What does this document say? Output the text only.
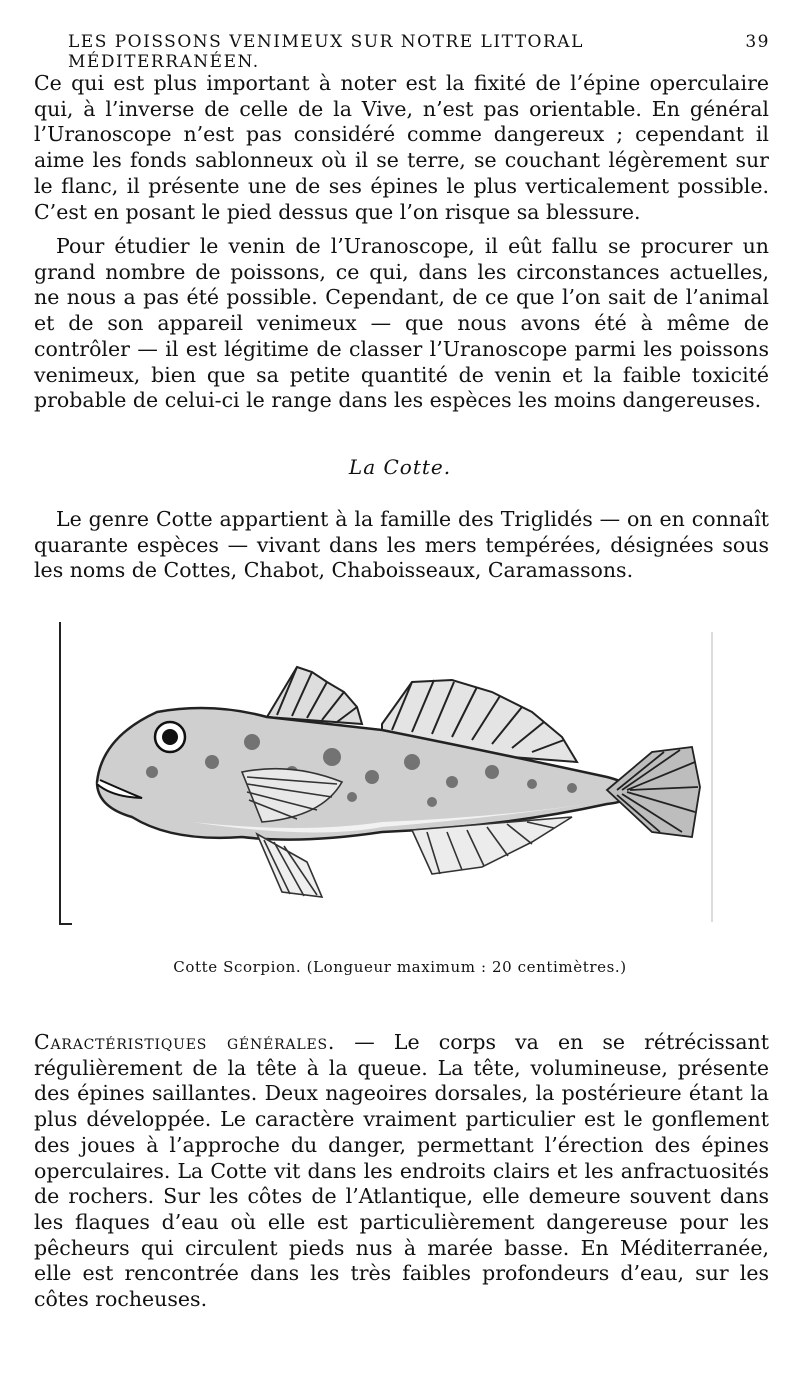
LES POISSONS VENIMEUX SUR NOTRE LITTORAL MÉDITERRANÉEN.
39

Ce qui est plus important à noter est la fixité de l’épine operculaire qui, à l’inverse de celle de la Vive, n’est pas orientable. En général l’Uranoscope n’est pas considéré comme dangereux ; cependant il aime les fonds sablonneux où il se terre, se couchant légèrement sur le flanc, il présente une de ses épines le plus verticalement possible. C’est en posant le pied dessus que l’on risque sa blessure.

Pour étudier le venin de l’Uranoscope, il eût fallu se procurer un grand nombre de poissons, ce qui, dans les circonstances actuelles, ne nous a pas été possible. Cependant, de ce que l’on sait de l’animal et de son appareil venimeux — que nous avons été à même de contrôler — il est légitime de classer l’Uranoscope parmi les poissons venimeux, bien que sa petite quantité de venin et la faible toxicité probable de celui-ci le range dans les espèces les moins dangereuses.

La Cotte.

Le genre Cotte appartient à la famille des Triglidés — on en connaît quarante espèces — vivant dans les mers tempérées, désignées sous les noms de Cottes, Chabot, Chaboisseaux, Caramassons.

Cotte Scorpion. (Longueur maximum : 20 centimètres.)

Caractéristiques générales. — Le corps va en se rétrécissant régulièrement de la tête à la queue. La tête, volumineuse, présente des épines saillantes. Deux nageoires dorsales, la postérieure étant la plus développée. Le caractère vraiment particulier est le gonflement des joues à l’approche du danger, permettant l’érection des épines operculaires. La Cotte vit dans les endroits clairs et les anfractuosités de rochers. Sur les côtes de l’Atlantique, elle demeure souvent dans les flaques d’eau où elle est particulièrement dangereuse pour les pêcheurs qui circulent pieds nus à marée basse. En Méditerranée, elle est rencontrée dans les très faibles profondeurs d’eau, sur les côtes rocheuses.
